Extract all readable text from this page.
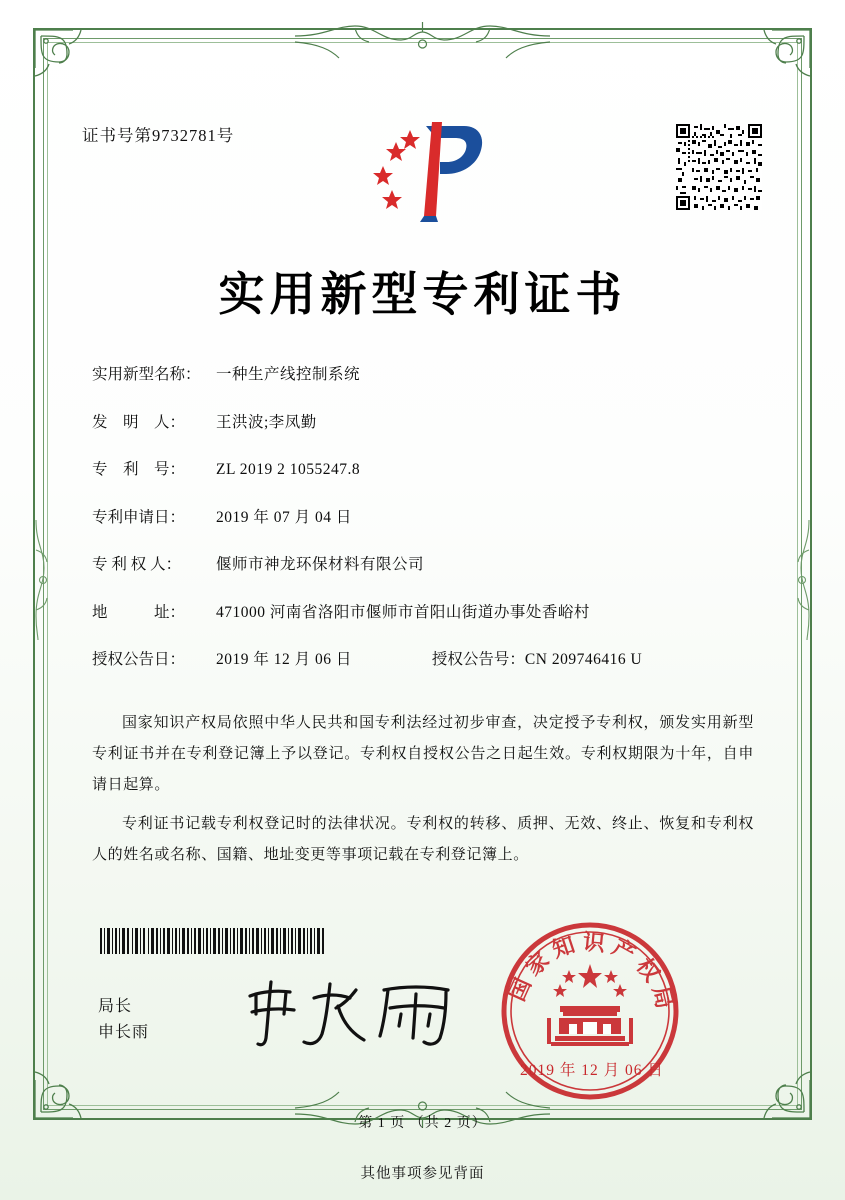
证书号第9732781号
实用新型专利证书
实用新型名称： 一种生产线控制系统
发　明　人：	王洪波;李凤勤
专　利　号：	ZL 2019 2 1055247.8
专利申请日：	2019 年 07 月 04 日
专 利 权 人：	偃师市神龙环保材料有限公司
地　　　址：	471000 河南省洛阳市偃师市首阳山街道办事处香峪村
授权公告日：	2019 年 12 月 06 日	授权公告号： CN 209746416 U

国家知识产权局依照中华人民共和国专利法经过初步审查，决定授予专利权，颁发实用新型专利证书并在专利登记簿上予以登记。专利权自授权公告之日起生效。专利权期限为十年，自申请日起算。

专利证书记载专利权登记时的法律状况。专利权的转移、质押、无效、终止、恢复和专利权人的姓名或名称、国籍、地址变更等事项记载在专利登记簿上。

局长
申长雨
国家知识产权局
2019 年 12 月 06 日
第 1 页 （共 2 页）
其他事项参见背面
